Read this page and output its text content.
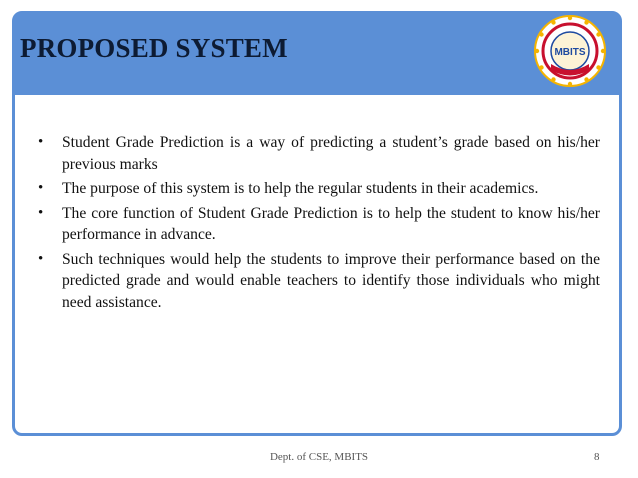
PROPOSED SYSTEM	MBITS
• Student Grade Prediction is a way of predicting a student’s grade based on his/her previous marks
• The purpose of this system is to help the regular students in their academics.
• The core function of Student Grade Prediction is to help the student to know his/her performance in advance.
• Such techniques would help the students to improve their performance based on the predicted grade and would enable teachers to identify those individuals who might need assistance.
Dept. of CSE, MBITS	8
